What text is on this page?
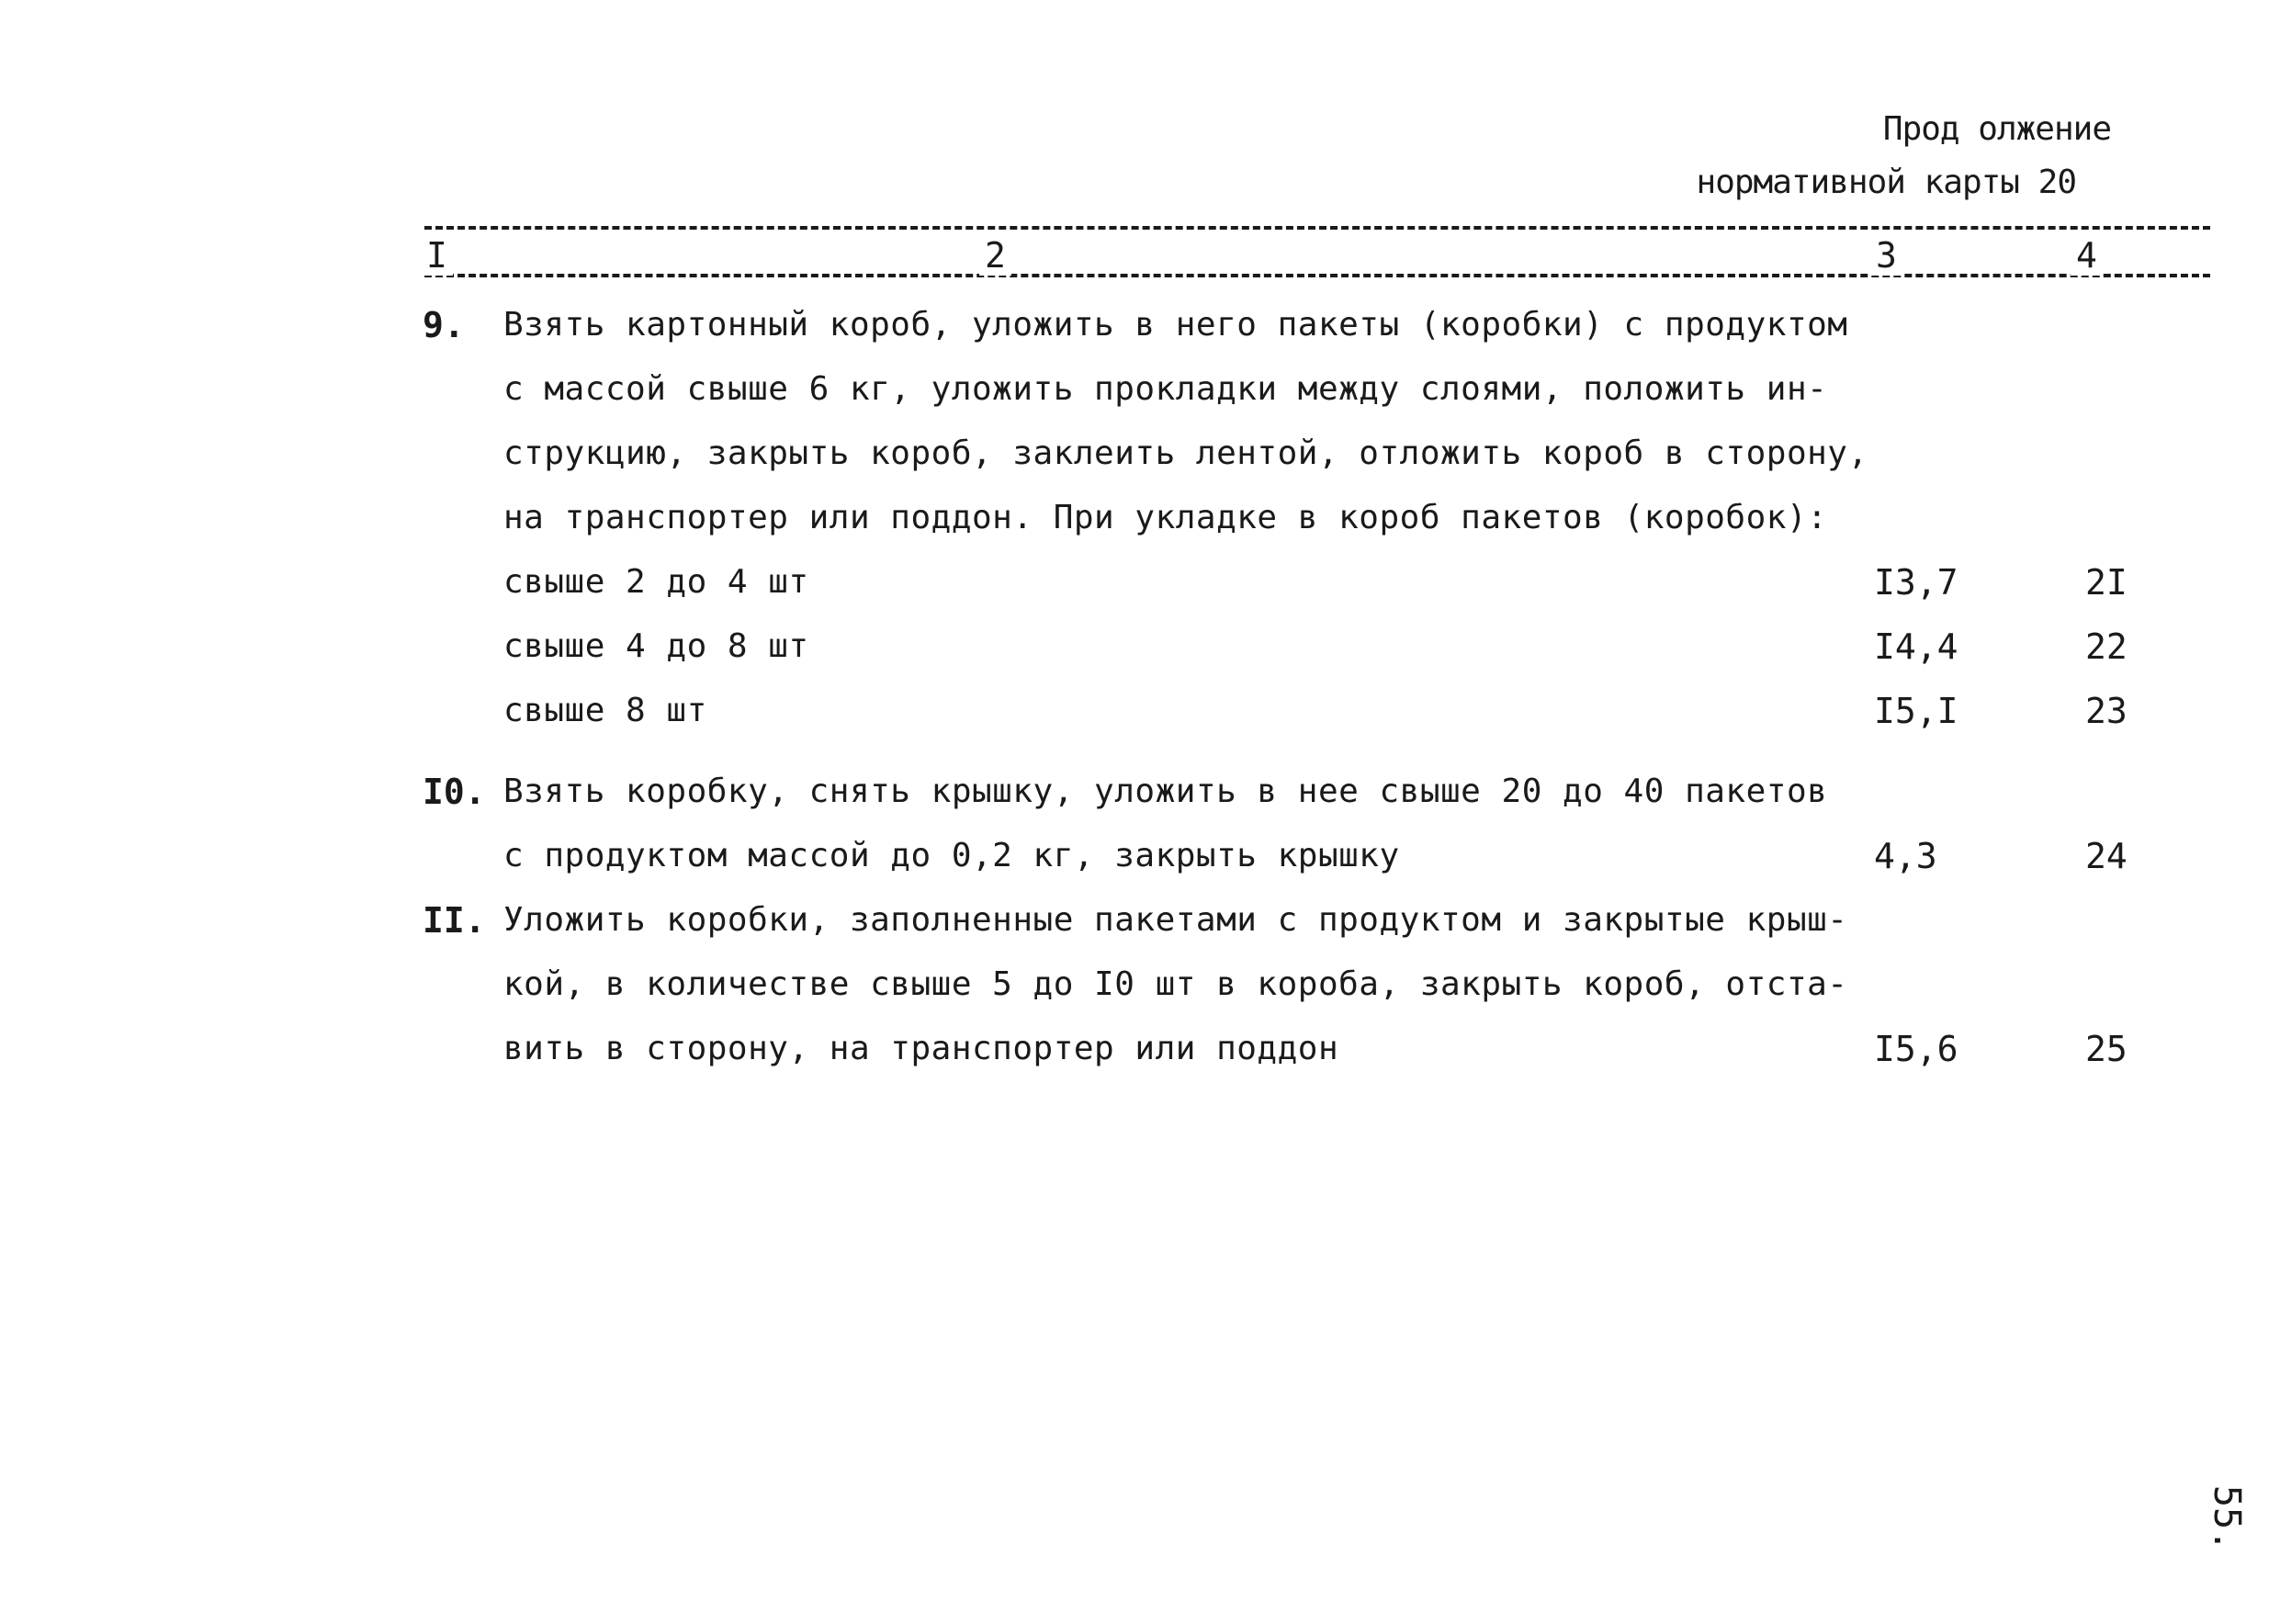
Прод олжение
нормативной карты 20
I	2	3	4
9. Взять картонный короб, уложить в него пакеты (коробки) с продуктом
с массой свыше 6 кг, уложить прокладки между слоями, положить ин-
струкцию, закрыть короб, заклеить лентой, отложить короб в сторону,
на транспортер или поддон. При укладке в короб пакетов (коробок):
свыше 2 до 4 шт	I3,7	2I
свыше 4 до 8 шт	I4,4	22
свыше 8 шт	I5,I	23
I0. Взять коробку, снять крышку, уложить в нее свыше 20 до 40 пакетов
с продуктом массой до 0,2 кг, закрыть крышку	4,3	24
II. Уложить коробки, заполненные пакетами с продуктом и закрытые крыш-
кой, в количестве свыше 5 до I0 шт в короба, закрыть короб, отста-
вить в сторону, на транспортер или поддон	I5,6	25
55.
